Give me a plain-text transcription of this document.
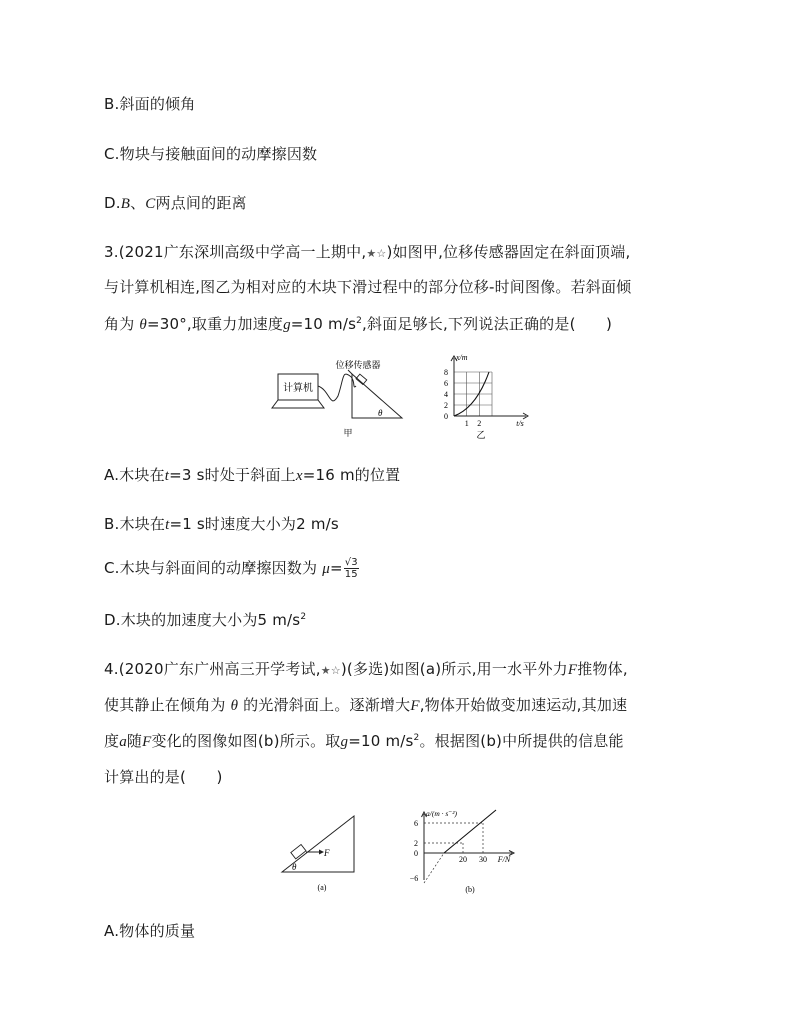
B.斜面的倾角
C.物块与接触面间的动摩擦因数
D.B、C两点间的距离
3.(2021广东深圳高级中学高一上期中,★☆)如图甲,位移传感器固定在斜面顶端,
与计算机相连,图乙为相对应的木块下滑过程中的部分位移-时间图像。若斜面倾
角为 θ=30°,取重力加速度g=10 $m/s^2$,斜面足够长,下列说法正确的是(　　)
计算机
位移传感器
θ
甲
x/m
8
6
4
2
0
1 2	t/s
乙
A.木块在t=3 s时处于斜面上x=16 m的位置
B.木块在t=1 s时速度大小为2 m/s
C.木块与斜面间的动摩擦因数为 $\mu= \frac{√3}{15}$
D.木块的加速度大小为5 $m/s^2$
4.(2020广东广州高三开学考试,★☆)(多选)如图(a)所示,用一水平外力F推物体,
使其静止在倾角为 θ 的光滑斜面上。逐渐增大F,物体开始做变加速运动,其加速
度a随F变化的图像如图(b)所示。取g=10 $m/s^2$。根据图(b)中所提供的信息能
计算出的是(　　)
F
θ
(a)
a/(m · s⁻²)
6
2
0
−6
20 30 F/N
(b)
A.物体的质量
